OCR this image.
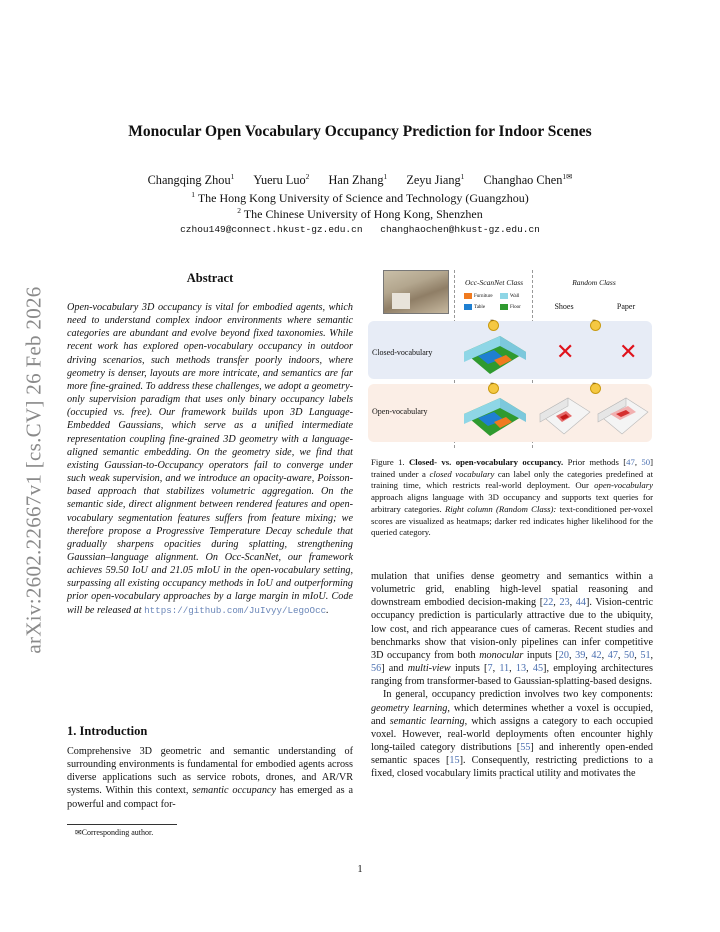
arXiv:2602.22667v1 [cs.CV] 26 Feb 2026
Monocular Open Vocabulary Occupancy Prediction for Indoor Scenes
Changqing Zhou$^1$ Yueru Luo$^2$ Han Zhang$^1$ Zeyu Jiang$^1$ Changhao Chen$^{1✉}$
$^1$ The Hong Kong University of Science and Technology (Guangzhou)
$^2$ The Chinese University of Hong Kong, Shenzhen
czhou149@connect.hkust-gz.edu.cn changhaochen@hkust-gz.edu.cn
Abstract
Open-vocabulary 3D occupancy is vital for embodied agents, which need to understand complex indoor environments where semantic categories are abundant and evolve beyond fixed taxonomies. While recent work has explored open-vocabulary occupancy in outdoor driving scenarios, such methods transfer poorly indoors, where geometry is denser, layouts are more intricate, and semantics are far more fine-grained. To address these challenges, we adopt a geometry-only supervision paradigm that uses only binary occupancy labels (occupied vs. free). Our framework builds upon 3D Language-Embedded Gaussians, which serve as a unified intermediate representation coupling fine-grained 3D geometry with a language-aligned semantic embedding. On the geometry side, we find that existing Gaussian-to-Occupancy operators fail to converge under such weak supervision, and we introduce an opacity-aware, Poisson-based approach that stabilizes volumetric aggregation. On the semantic side, direct alignment between rendered features and open-vocabulary segmentation features suffers from feature mixing; we therefore propose a Progressive Temperature Decay schedule that gradually sharpens opacities during splatting, strengthening Gaussian–language alignment. On Occ-ScanNet, our framework achieves 59.50 IoU and 21.05 mIoU in the open-vocabulary setting, surpassing all existing occupancy methods in IoU and outperforming prior open-vocabulary approaches by a large margin in mIoU. Code will be released at https://github.com/JuIvyy/LegoOcc.
1. Introduction
Comprehensive 3D geometric and semantic understanding of surrounding environments is fundamental for embodied agents across diverse applications such as service robots, drones, and AR/VR systems. Within this context, semantic occupancy has emerged as a powerful and compact for-
✉Corresponding author.
Occ-ScanNet Class	Random Class
Furniture	Wall
Table	Floor	Shoes	Paper
Closed-vocabulary
Open-vocabulary
••
••
••
••
✕ ✕
Figure 1. Closed- vs. open-vocabulary occupancy. Prior methods [47, 50] trained under a closed vocabulary can label only the categories predefined at training time, which restricts real-world deployment. Our open-vocabulary approach aligns language with 3D occupancy and supports text queries for arbitrary categories. Right column (Random Class): text-conditioned per-voxel scores are visualized as heatmaps; darker red indicates higher likelihood for the queried category.

mulation that unifies dense geometry and semantics within a volumetric grid, enabling high-level spatial reasoning and downstream embodied decision-making [22, 23, 44]. Vision-centric occupancy prediction is particularly attractive due to the ubiquity, low cost, and rich appearance cues of cameras. Recent studies and benchmarks show that vision-only pipelines can infer competitive 3D occupancy from both monocular inputs [20, 39, 42, 47, 50, 51, 56] and multi-view inputs [7, 11, 13, 45], employing architectures ranging from transformer-based to Gaussian-splatting-based designs.

In general, occupancy prediction involves two key components: geometry learning, which determines whether a voxel is occupied, and semantic learning, which assigns a category to each occupied voxel. However, real-world deployments often encounter highly long-tailed category distributions [55] and inherently open-ended semantic spaces [15]. Consequently, restricting predictions to a fixed, closed vocabulary limits practical utility and motivates the

1
